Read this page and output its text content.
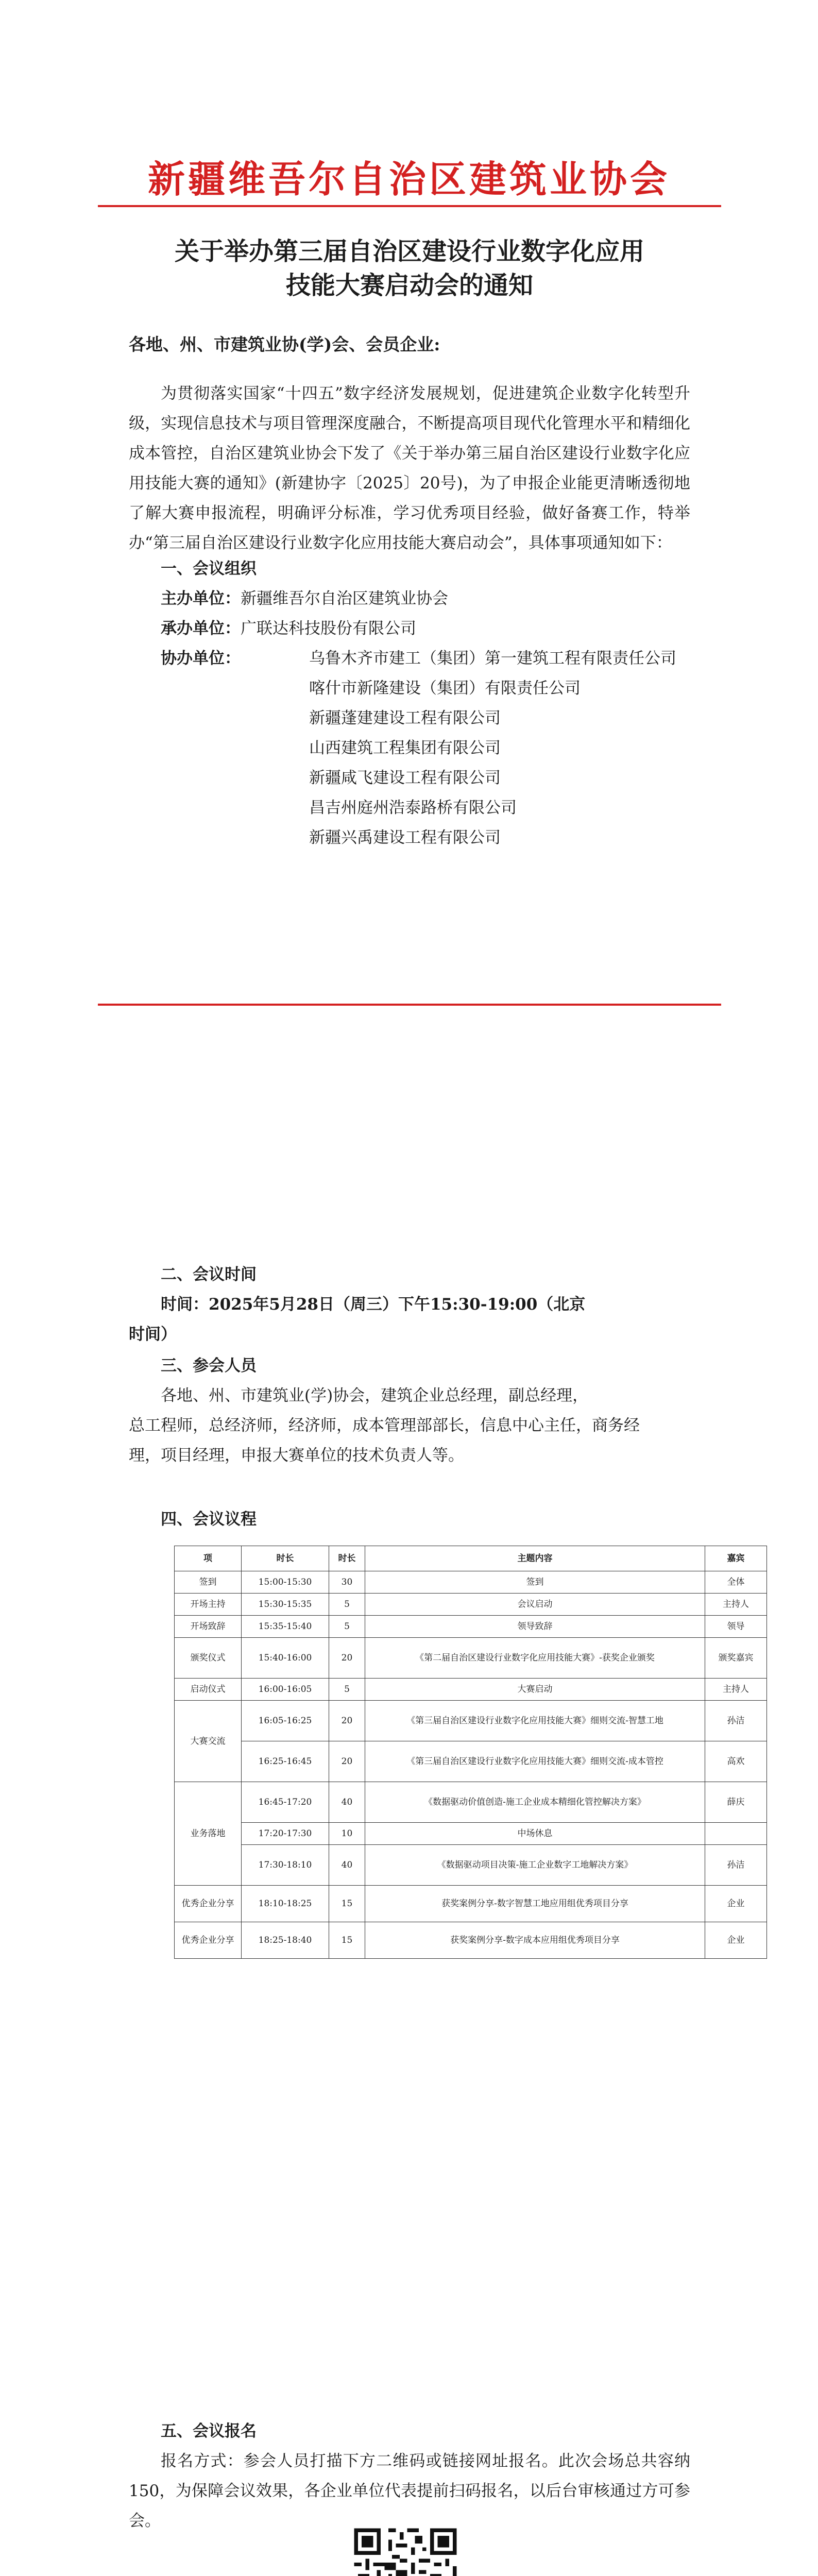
新疆维吾尔自治区建筑业协会
关于举办第三届自治区建设行业数字化应用
技能大赛启动会的通知
各地、州、市建筑业协(学)会、会员企业:
为贯彻落实国家“十四五”数字经济发展规划，促进建筑企业数字化转型升级，实现信息技术与项目管理深度融合，不断提高项目现代化管理水平和精细化成本管控，自治区建筑业协会下发了《关于举办第三届自治区建设行业数字化应用技能大赛的通知》(新建协字〔2025〕20号)，为了申报企业能更清晰透彻地了解大赛申报流程，明确评分标准，学习优秀项目经验，做好备赛工作，特举办“第三届自治区建设行业数字化应用技能大赛启动会”，具体事项通知如下：
一、会议组织
主办单位：新疆维吾尔自治区建筑业协会
承办单位：广联达科技股份有限公司
协办单位：	乌鲁木齐市建工（集团）第一建筑工程有限责任公司
喀什市新隆建设（集团）有限责任公司
新疆蓬建建设工程有限公司
山西建筑工程集团有限公司
新疆咸飞建设工程有限公司
昌吉州庭州浩泰路桥有限公司
新疆兴禹建设工程有限公司
二、会议时间
时间：2025年5月28日（周三）下午15:30-19:00（北京
时间）
三、参会人员
各地、州、市建筑业(学)协会，建筑企业总经理，副总经理，
总工程师，总经济师，经济师，成本管理部部长，信息中心主任，商务经
理，项目经理，申报大赛单位的技术负责人等。
四、会议议程
项	时长	时长	主题内容	嘉宾
签到	15:00-15:30	30	签到	全体
开场主持	15:30-15:35	5	会议启动	主持人
开场致辞	15:35-15:40	5	领导致辞	领导
颁奖仪式	15:40-16:00	20	《第二届自治区建设行业数字化应用技能大赛》-获奖企业颁奖	颁奖嘉宾
启动仪式	16:00-16:05	5	大赛启动	主持人
大赛交流	16:05-16:25	20	《第三届自治区建设行业数字化应用技能大赛》细则交流-智慧工地	孙洁
	16:25-16:45	20	《第三届自治区建设行业数字化应用技能大赛》细则交流-成本管控	高欢
业务落地	16:45-17:20	40	《数据驱动价值创造-施工企业成本精细化管控解决方案》	薛庆
	17:20-17:30	10	中场休息	
	17:30-18:10	40	《数据驱动项目决策-施工企业数字工地解决方案》	孙洁
优秀企业分享	18:10-18:25	15	获奖案例分享-数字智慧工地应用组优秀项目分享	企业
优秀企业分享	18:25-18:40	15	获奖案例分享-数字成本应用组优秀项目分享	企业
五、会议报名
报名方式：参会人员打描下方二维码或链接网址报名。此次会场总共容纳150，为保障会议效果，各企业单位代表提前扫码报名，以后台审核通过方可参会。
